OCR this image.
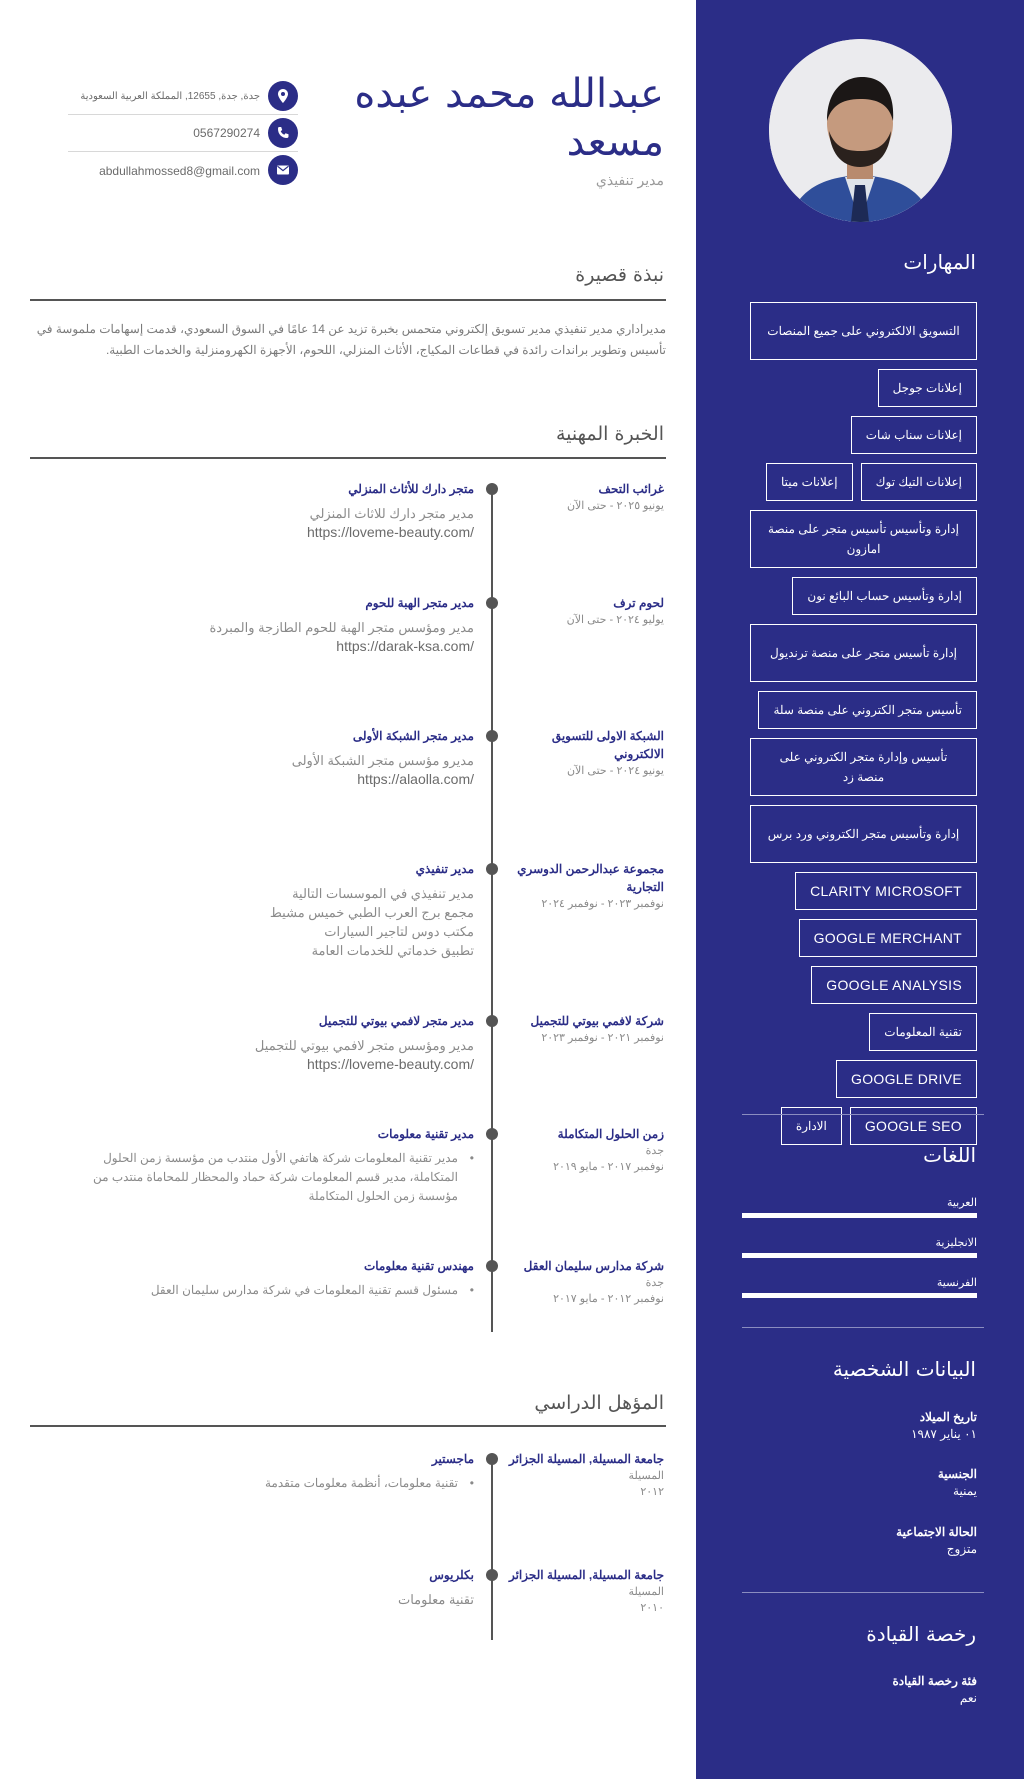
عبدالله محمد عبده
مسعد
مدير تنفيذي
جدة, جدة, 12655, المملكة العربية السعودية
0567290274
abdullahmossed8@gmail.com
نبذة قصيرة
مديراداري مدير تنفيذي مدير تسويق إلكتروني متحمس بخبرة تزيد عن 14 عامًا في السوق السعودي، قدمت إسهامات ملموسة في تأسيس وتطوير براندات رائدة في قطاعات المكياج، الأثاث المنزلي، اللحوم، الأجهزة الكهرومنزلية والخدمات الطبية.
الخبرة المهنية
غرائب التحف
يونيو ٢٠٢٥ - حتى الآن
متجر دارك للأثاث المنزلي
مدير متجر دارك للاثاث المنزلي
https://loveme-beauty.com/
لحوم ترف
يوليو ٢٠٢٤ - حتى الآن
مدير متجر الهبة للحوم
مدير ومؤسس متجر الهبة للحوم الطازجة والمبردة
https://darak-ksa.com/
الشبكة الاولى للتسويق الالكتروني
يونيو ٢٠٢٤ - حتى الآن
مدير متجر الشبكة الأولى
مديرو مؤسس متجر الشبكة الأولى
https://alaolla.com/
مجموعة عبدالرحمن الدوسري التجارية
نوفمبر ٢٠٢٣ - نوفمبر ٢٠٢٤
مدير تنفيذي
مدير تنفيذي في الموسسات التالية
مجمع برج العرب الطبي خميس مشيط
مكتب دوس لتاجير السيارات
تطبيق خدماتي للخدمات العامة
شركة لافمي بيوتي للتجميل
نوفمبر ٢٠٢١ - نوفمبر ٢٠٢٣
مدير متجر لافمي بيوتي للتجميل
مدير ومؤسس متجر لافمي بيوتي للتجميل
https://loveme-beauty.com/
زمن الحلول المتكاملة
جدة
نوفمبر ٢٠١٧ - مايو ٢٠١٩
مدير تقنية معلومات
• مدير تقنية المعلومات شركة هاتفي الأول منتدب من مؤسسة زمن الحلول المتكاملة، مدير قسم المعلومات شركة حماد والمحظار للمحاماة منتدب من مؤسسة زمن الحلول المتكاملة
شركة مدارس سليمان العقل
جدة
نوفمبر ٢٠١٢ - مايو ٢٠١٧
مهندس تقنية معلومات
• مسئول قسم تقنية المعلومات في شركة مدارس سليمان العقل
المؤهل الدراسي
جامعة المسيلة, المسيلة الجزائر
المسيلة
٢٠١٢
ماجستير
• تقنية معلومات، أنظمة معلومات متقدمة
جامعة المسيلة, المسيلة الجزائر
المسيلة
٢٠١٠
بكلريوس
تقنية معلومات
المهارات
التسويق الالكتروني على جميع المنصات
إعلانات جوجل
إعلانات سناب شات
إعلانات التيك توك
إعلانات ميتا
إدارة وتأسيس تأسيس متجر على منصة امازون
إدارة وتأسيس حساب البائع نون
إدارة تأسيس متجر على منصة ترنديول
تأسيس متجر الكتروني على منصة سلة
تأسيس وإدارة متجر الكتروني على منصة زد
إدارة وتأسيس متجر الكتروني ورد برس
CLARITY MICROSOFT
GOOGLE MERCHANT
GOOGLE ANALYSIS
تقنية المعلومات
GOOGLE DRIVE
GOOGLE SEO
الادارة
اللغات
العربية
الانجليزية
الفرنسية
البيانات الشخصية
تاريخ الميلاد
٠١ يناير ١٩٨٧
الجنسية
يمنية
الحالة الاجتماعية
متزوج
رخصة القيادة
فئة رخصة القيادة
نعم
